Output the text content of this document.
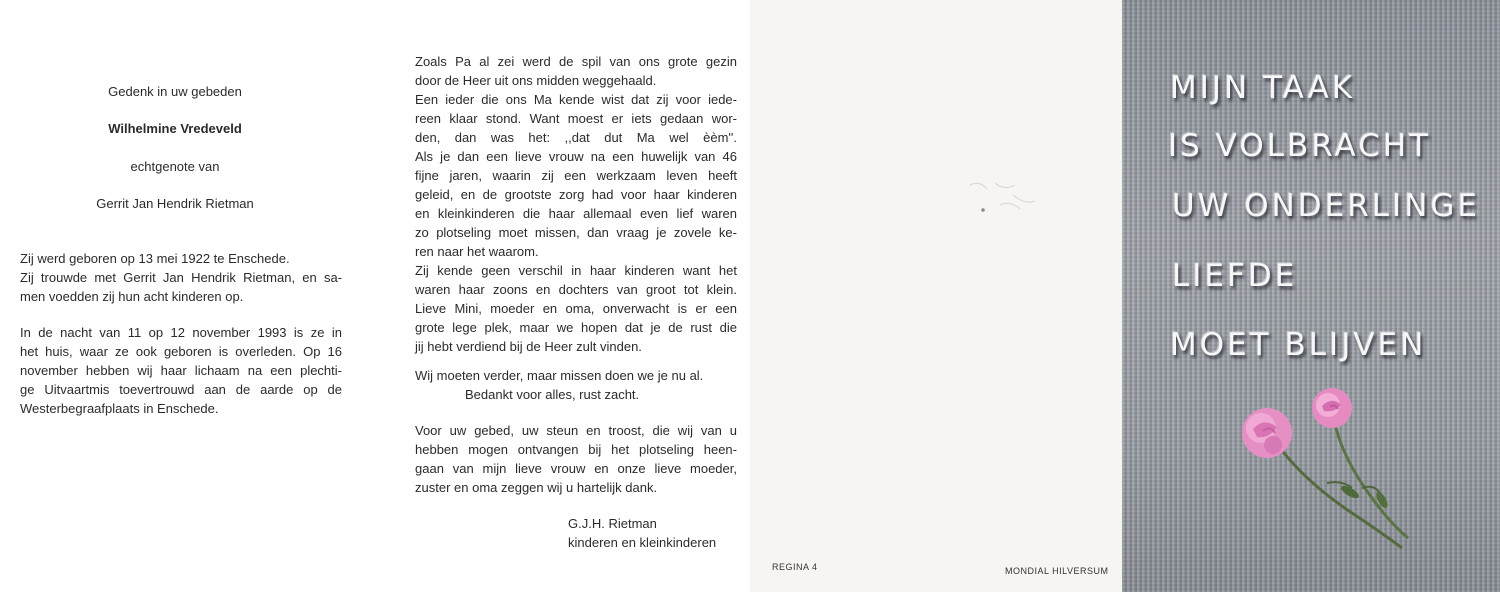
Gedenk in uw gebeden
Wilhelmine Vredeveld
echtgenote van
Gerrit Jan Hendrik Rietman
Zij werd geboren op 13 mei 1922 te Enschede.
Zij trouwde met Gerrit Jan Hendrik Rietman, en sa-
men voedden zij hun acht kinderen op.
In de nacht van 11 op 12 november 1993 is ze in
het huis, waar ze ook geboren is overleden. Op 16
november hebben wij haar lichaam na een plechti-
ge Uitvaartmis toevertrouwd aan de aarde op de
Westerbegraafplaats in Enschede.
Zoals Pa al zei werd de spil van ons grote gezin
door de Heer uit ons midden weggehaald.
Een ieder die ons Ma kende wist dat zij voor iede-
reen klaar stond. Want moest er iets gedaan wor-
den, dan was het: ,,dat dut Ma wel èèm''.
Als je dan een lieve vrouw na een huwelijk van 46
fijne jaren, waarin zij een werkzaam leven heeft
geleid, en de grootste zorg had voor haar kinderen
en kleinkinderen die haar allemaal even lief waren
zo plotseling moet missen, dan vraag je zovele ke-
ren naar het waarom.
Zij kende geen verschil in haar kinderen want het
waren haar zoons en dochters van groot tot klein.
Lieve Mini, moeder en oma, onverwacht is er een
grote lege plek, maar we hopen dat je de rust die
jij hebt verdiend bij de Heer zult vinden.
Wij moeten verder, maar missen doen we je nu al.
Bedankt voor alles, rust zacht.
Voor uw gebed, uw steun en troost, die wij van u
hebben mogen ontvangen bij het plotseling heen-
gaan van mijn lieve vrouw en onze lieve moeder,
zuster en oma zeggen wij u hartelijk dank.
G.J.H. Rietman
kinderen en kleinkinderen
REGINA 4	MONDIAL HILVERSUM
MIJN TAAK
IS VOLBRACHT
UW ONDERLINGE
LIEFDE
MOET BLIJVEN
